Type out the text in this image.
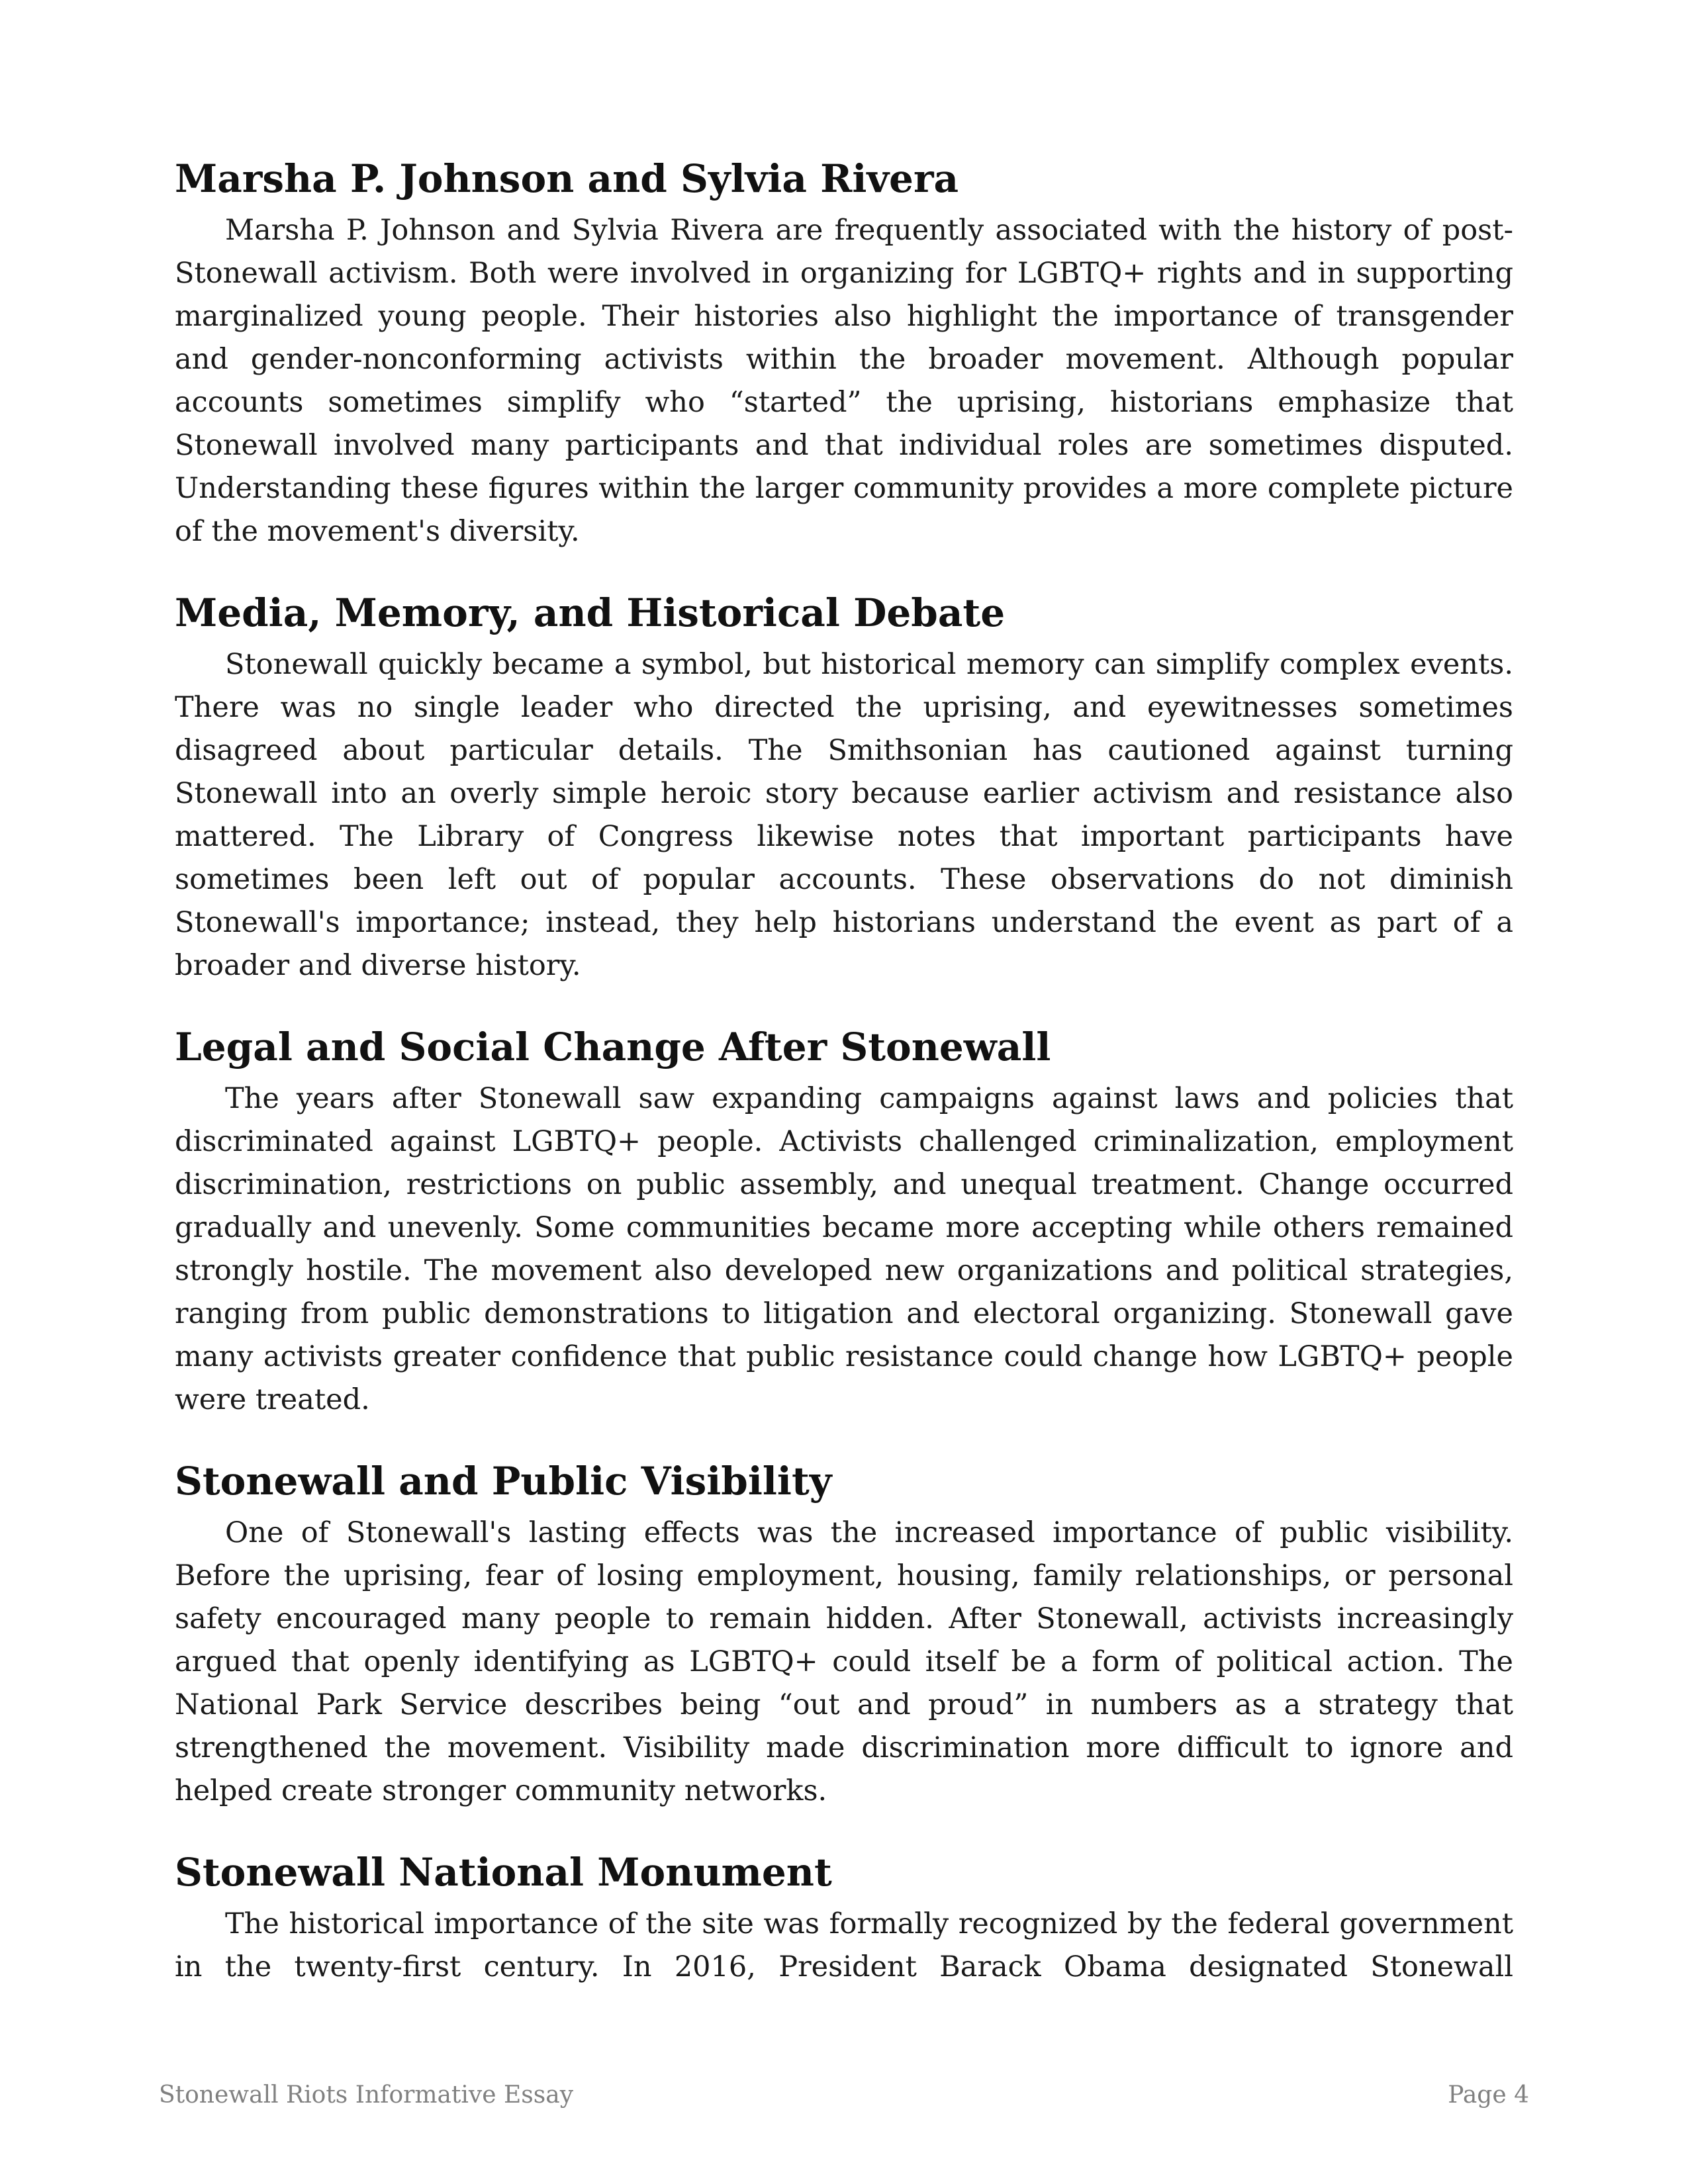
Marsha P. Johnson and Sylvia Rivera

Marsha P. Johnson and Sylvia Rivera are frequently associated with the history of post-Stonewall activism. Both were involved in organizing for LGBTQ+ rights and in supporting marginalized young people. Their histories also highlight the importance of transgender and gender-nonconforming activists within the broader movement. Although popular accounts sometimes simplify who “started” the uprising, historians emphasize that Stonewall involved many participants and that individual roles are sometimes disputed. Understanding these figures within the larger community provides a more complete picture of the movement's diversity.

Media, Memory, and Historical Debate

Stonewall quickly became a symbol, but historical memory can simplify complex events. There was no single leader who directed the uprising, and eyewitnesses sometimes disagreed about particular details. The Smithsonian has cautioned against turning Stonewall into an overly simple heroic story because earlier activism and resistance also mattered. The Library of Congress likewise notes that important participants have sometimes been left out of popular accounts. These observations do not diminish Stonewall's importance; instead, they help historians understand the event as part of a broader and diverse history.

Legal and Social Change After Stonewall

The years after Stonewall saw expanding campaigns against laws and policies that discriminated against LGBTQ+ people. Activists challenged criminalization, employment discrimination, restrictions on public assembly, and unequal treatment. Change occurred gradually and unevenly. Some communities became more accepting while others remained strongly hostile. The movement also developed new organizations and political strategies, ranging from public demonstrations to litigation and electoral organizing. Stonewall gave many activists greater confidence that public resistance could change how LGBTQ+ people were treated.

Stonewall and Public Visibility

One of Stonewall's lasting effects was the increased importance of public visibility. Before the uprising, fear of losing employment, housing, family relationships, or personal safety encouraged many people to remain hidden. After Stonewall, activists increasingly argued that openly identifying as LGBTQ+ could itself be a form of political action. The National Park Service describes being “out and proud” in numbers as a strategy that strengthened the movement. Visibility made discrimination more difficult to ignore and helped create stronger community networks.

Stonewall National Monument

The historical importance of the site was formally recognized by the federal government in the twenty-first century. In 2016, President Barack Obama designated Stonewall

Stonewall Riots Informative Essay	Page 4
